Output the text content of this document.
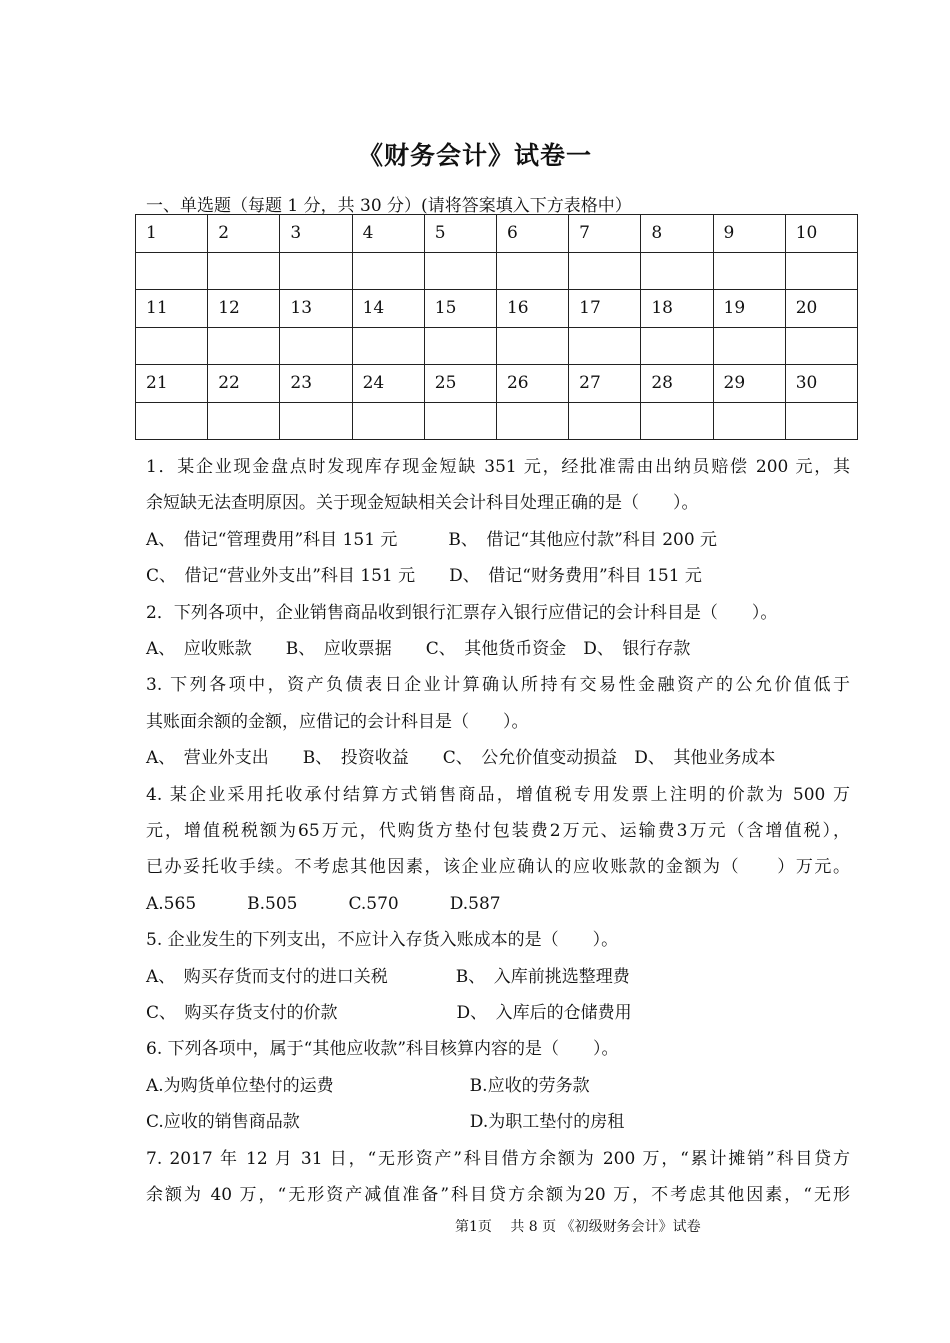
《财务会计》试卷一
一、单选题（每题 1 分，共 30 分）(请将答案填入下方表格中）
1	2	3	4	5	6	7	8	9	10

11	12	13	14	15	16	17	18	19	20

21	22	23	24	25	26	27	28	29	30

1．某企业现金盘点时发现库存现金短缺 351 元，经批准需由出纳员赔偿 200 元，其
余短缺无法查明原因。关于现金短缺相关会计科目处理正确的是（　　）。
A、　借记“管理费用”科目 151 元　　　B、　借记“其他应付款”科目 200 元
C、　借记“营业外支出”科目 151 元　　D、　借记“财务费用”科目 151 元
2．下列各项中，企业销售商品收到银行汇票存入银行应借记的会计科目是（　　）。
A、　应收账款　　B、　应收票据　　C、　其他货币资金　D、　银行存款
3. 下列各项中，资产负债表日企业计算确认所持有交易性金融资产的公允价值低于
其账面余额的金额，应借记的会计科目是（　　）。
A、　营业外支出　　B、　投资收益　　C、　公允价值变动损益　D、　其他业务成本
4. 某企业采用托收承付结算方式销售商品，增值税专用发票上注明的价款为 500 万
元，增值税税额为65万元，代购货方垫付包装费2万元、运输费3万元（含增值税），
已办妥托收手续。不考虑其他因素，该企业应确认的应收账款的金额为（　　）万元。
A.565　　　B.505　　　C.570　　　D.587
5. 企业发生的下列支出，不应计入存货入账成本的是（　　）。
A、　购买存货而支付的进口关税　　　　B、　入库前挑选整理费
C、　购买存货支付的价款　　　　　　　D、　入库后的仓储费用
6. 下列各项中，属于“其他应收款”科目核算内容的是（　　）。
A.为购货单位垫付的运费　　　　　　　　B.应收的劳务款
C.应收的销售商品款　　　　　　　　　　D.为职工垫付的房租
7. 2017 年 12 月 31 日，“无形资产”科目借方余额为 200 万，“累计摊销”科目贷方
余额为 40 万，“无形资产减值准备”科目贷方余额为20 万，不考虑其他因素，“无形
第1页　 共 8 页 《初级财务会计》试卷
